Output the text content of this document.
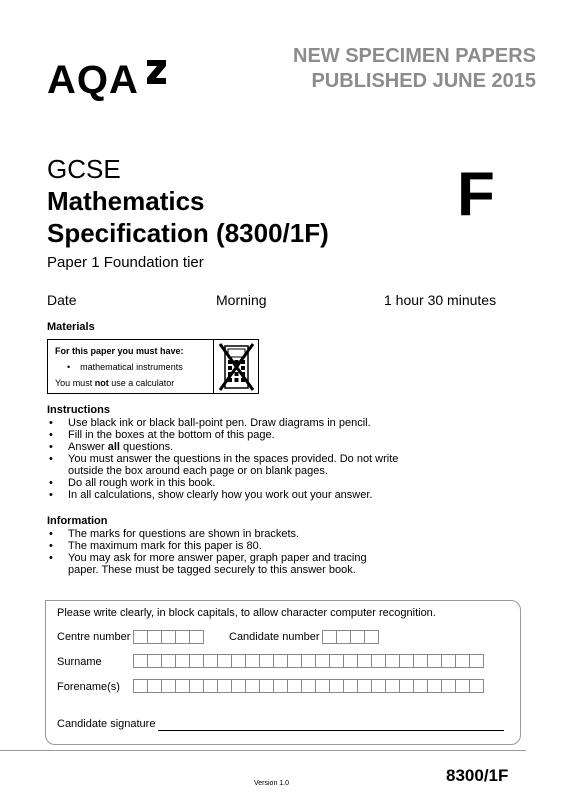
AQA
NEW SPECIMEN PAPERS
PUBLISHED JUNE 2015
GCSE
Mathematics
Specification (8300/1F)
Paper 1 Foundation tier
F
Date	Morning	1 hour 30 minutes
Materials
For this paper you must have:
• mathematical instruments
You must not use a calculator
Instructions
• Use black ink or black ball-point pen. Draw diagrams in pencil.
• Fill in the boxes at the bottom of this page.
• Answer all questions.
• You must answer the questions in the spaces provided. Do not write outside the box around each page or on blank pages.
• Do all rough work in this book.
• In all calculations, show clearly how you work out your answer.
Information
• The marks for questions are shown in brackets.
• The maximum mark for this paper is 80.
• You may ask for more answer paper, graph paper and tracing paper. These must be tagged securely to this answer book.
Please write clearly, in block capitals, to allow character computer recognition.
Centre number	Candidate number
Surname
Forename(s)
Candidate signature
Version 1.0	8300/1F
